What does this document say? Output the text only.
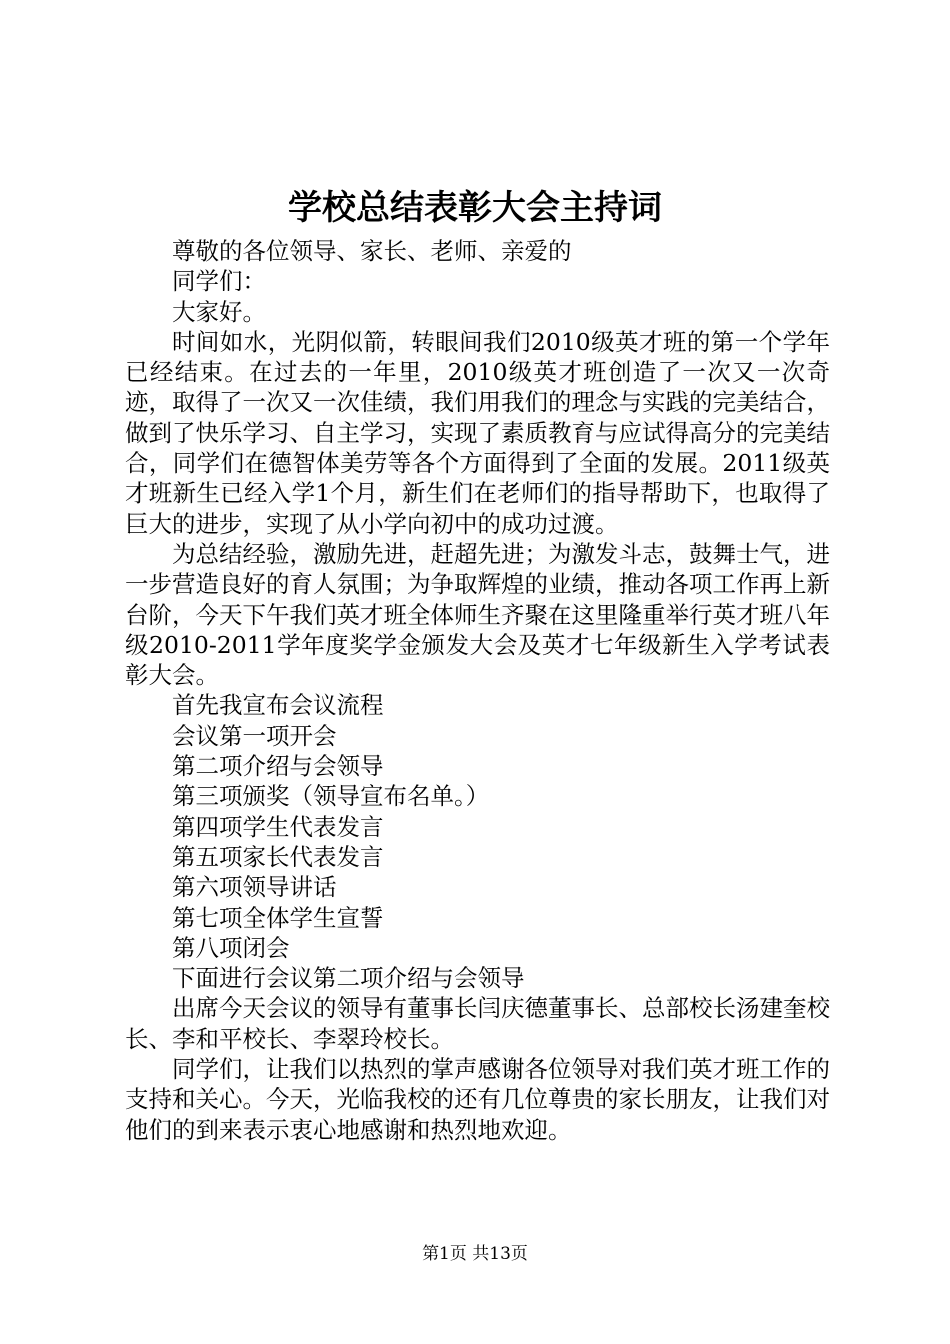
学校总结表彰大会主持词

尊敬的各位领导、家长、老师、亲爱的

同学们：

大家好。

时间如水，光阴似箭，转眼间我们2010级英才班的第一个学年已经结束。在过去的一年里，2010级英才班创造了一次又一次奇迹，取得了一次又一次佳绩，我们用我们的理念与实践的完美结合，做到了快乐学习、自主学习，实现了素质教育与应试得高分的完美结合，同学们在德智体美劳等各个方面得到了全面的发展。2011级英才班新生已经入学1个月，新生们在老师们的指导帮助下，也取得了巨大的进步，实现了从小学向初中的成功过渡。

为总结经验，激励先进，赶超先进；为激发斗志，鼓舞士气，进一步营造良好的育人氛围；为争取辉煌的业绩，推动各项工作再上新台阶，今天下午我们英才班全体师生齐聚在这里隆重举行英才班八年级2010-2011学年度奖学金颁发大会及英才七年级新生入学考试表彰大会。

首先我宣布会议流程

会议第一项开会

第二项介绍与会领导

第三项颁奖（领导宣布名单。）

第四项学生代表发言

第五项家长代表发言

第六项领导讲话

第七项全体学生宣誓

第八项闭会

下面进行会议第二项介绍与会领导

出席今天会议的领导有董事长闫庆德董事长、总部校长汤建奎校长、李和平校长、李翠玲校长。

同学们，让我们以热烈的掌声感谢各位领导对我们英才班工作的支持和关心。今天，光临我校的还有几位尊贵的家长朋友，让我们对他们的到来表示衷心地感谢和热烈地欢迎。

第1页 共13页
